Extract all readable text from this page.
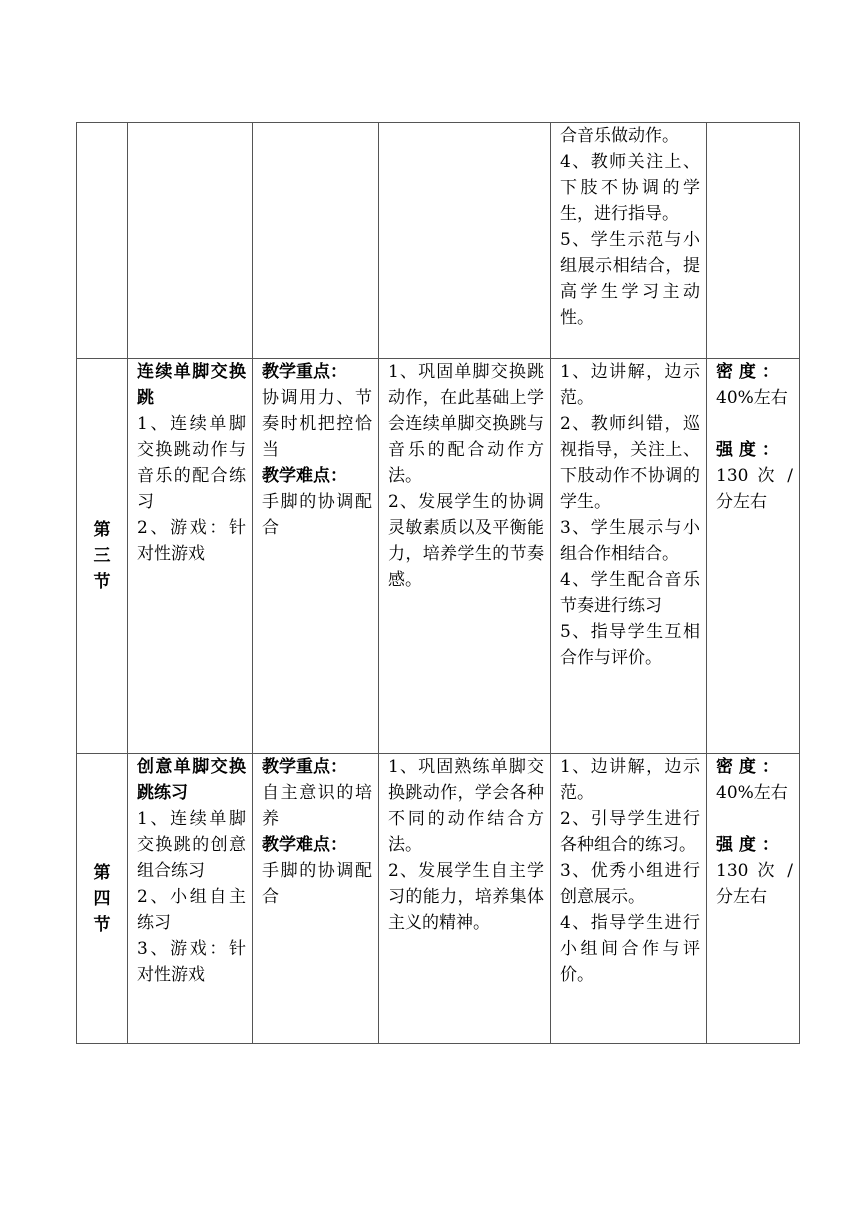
				合音乐做动作。
4、教师关注上、下肢不协调的学生，进行指导。
5、学生示范与小组展示相结合，提高学生学习主动性。	

第三节	连续单脚交换跳
1、连续单脚交换跳动作与音乐的配合练习
2、游戏：针对性游戏	教学重点：
协调用力、节奏时机把控恰当
教学难点：
手脚的协调配合	1、巩固单脚交换跳动作，在此基础上学会连续单脚交换跳与音乐的配合动作方法。
2、发展学生的协调灵敏素质以及平衡能力，培养学生的节奏感。	1、边讲解，边示范。
2、教师纠错，巡视指导，关注上、下肢动作不协调的学生。
3、学生展示与小组合作相结合。
4、学生配合音乐节奏进行练习
5、指导学生互相合作与评价。	密 度 ：
40%左右
强 度 ：
130 次 / 分左右

第四节	创意单脚交换跳练习
1、连续单脚交换跳的创意组合练习
2、小组自主练习
3、游戏：针对性游戏	教学重点：
自主意识的培养
教学难点：
手脚的协调配合	1、巩固熟练单脚交换跳动作，学会各种不同的动作结合方法。
2、发展学生自主学习的能力，培养集体主义的精神。	1、边讲解，边示范。
2、引导学生进行各种组合的练习。
3、优秀小组进行创意展示。
4、指导学生进行小组间合作与评价。	密 度 ：
40%左右
强 度 ：
130 次 / 分左右
